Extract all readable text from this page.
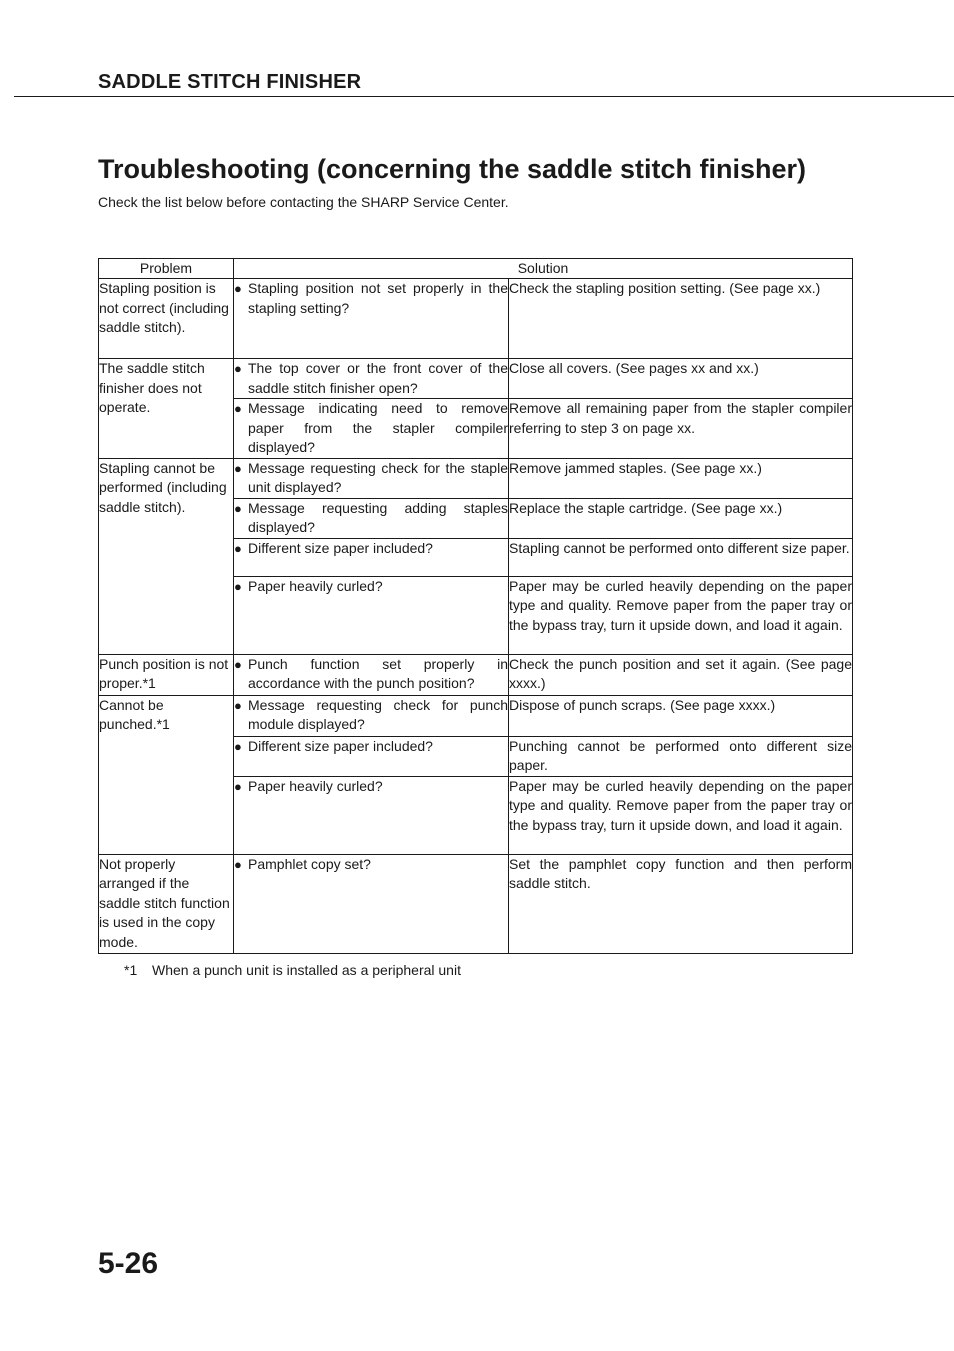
SADDLE STITCH FINISHER
Troubleshooting (concerning the saddle stitch finisher)
Check the list below before contacting the SHARP Service Center.
Problem	Solution	
Stapling position is not correct (including saddle stitch).	● Stapling position not set properly in the stapling setting?	Check the stapling position setting. (See page xx.)
The saddle stitch finisher does not operate.	● The top cover or the front cover of the saddle stitch finisher open?	Close all covers. (See pages xx and xx.)

	● Message indicating need to remove paper from the stapler compiler displayed?	Remove all remaining paper from the stapler compiler referring to step 3 on page xx.
Stapling cannot be performed (including saddle stitch).	● Message requesting check for the staple unit displayed?	Remove jammed staples. (See page xx.)

	● Message requesting adding staples displayed?	Replace the staple cartridge. (See page xx.)

	● Different size paper included?	Stapling cannot be performed onto different size paper.

	● Paper heavily curled?	Paper may be curled heavily depending on the paper type and quality. Remove paper from the paper tray or the bypass tray, turn it upside down, and load it again.
Punch position is not proper.*1	● Punch function set properly in accordance with the punch position?	Check the punch position and set it again. (See page xxxx.)
Cannot be punched.*1	● Message requesting check for punch module displayed?	Dispose of punch scraps. (See page xxxx.)

	● Different size paper included?	Punching cannot be performed onto different size paper.

	● Paper heavily curled?	Paper may be curled heavily depending on the paper type and quality. Remove paper from the paper tray or the bypass tray, turn it upside down, and load it again.
Not properly arranged if the saddle stitch function is used in the copy mode.	● Pamphlet copy set?	Set the pamphlet copy function and then perform saddle stitch.
*1	When a punch unit is installed as a peripheral unit
5-26
